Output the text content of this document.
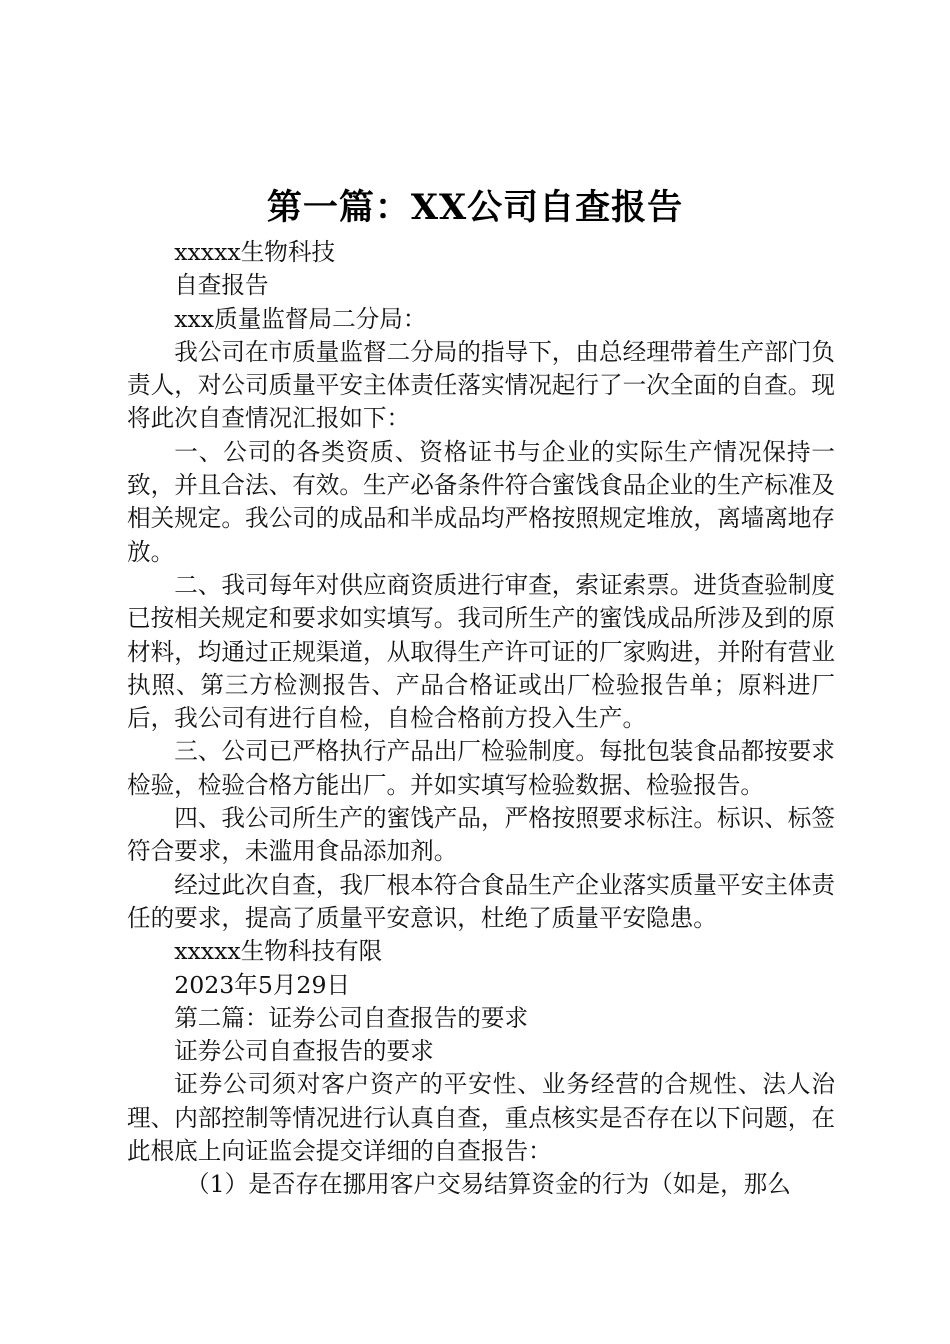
第一篇：XX公司自查报告

xxxxx生物科技

自查报告

xxx质量监督局二分局：

我公司在市质量监督二分局的指导下，由总经理带着生产部门负责人，对公司质量平安主体责任落实情况起行了一次全面的自查。现将此次自查情况汇报如下：

一、公司的各类资质、资格证书与企业的实际生产情况保持一致，并且合法、有效。生产必备条件符合蜜饯食品企业的生产标准及相关规定。我公司的成品和半成品均严格按照规定堆放，离墙离地存放。

二、我司每年对供应商资质进行审查，索证索票。进货查验制度已按相关规定和要求如实填写。我司所生产的蜜饯成品所涉及到的原材料，均通过正规渠道，从取得生产许可证的厂家购进，并附有营业执照、第三方检测报告、产品合格证或出厂检验报告单；原料进厂后，我公司有进行自检，自检合格前方投入生产。

三、公司已严格执行产品出厂检验制度。每批包装食品都按要求检验，检验合格方能出厂。并如实填写检验数据、检验报告。

四、我公司所生产的蜜饯产品，严格按照要求标注。标识、标签符合要求，未滥用食品添加剂。

经过此次自查，我厂根本符合食品生产企业落实质量平安主体责任的要求，提高了质量平安意识，杜绝了质量平安隐患。

xxxxx生物科技有限

2023年5月29日

第二篇：证券公司自查报告的要求

证券公司自查报告的要求

证券公司须对客户资产的平安性、业务经营的合规性、法人治理、内部控制等情况进行认真自查，重点核实是否存在以下问题，在此根底上向证监会提交详细的自查报告：

（1）是否存在挪用客户交易结算资金的行为（如是，那么
